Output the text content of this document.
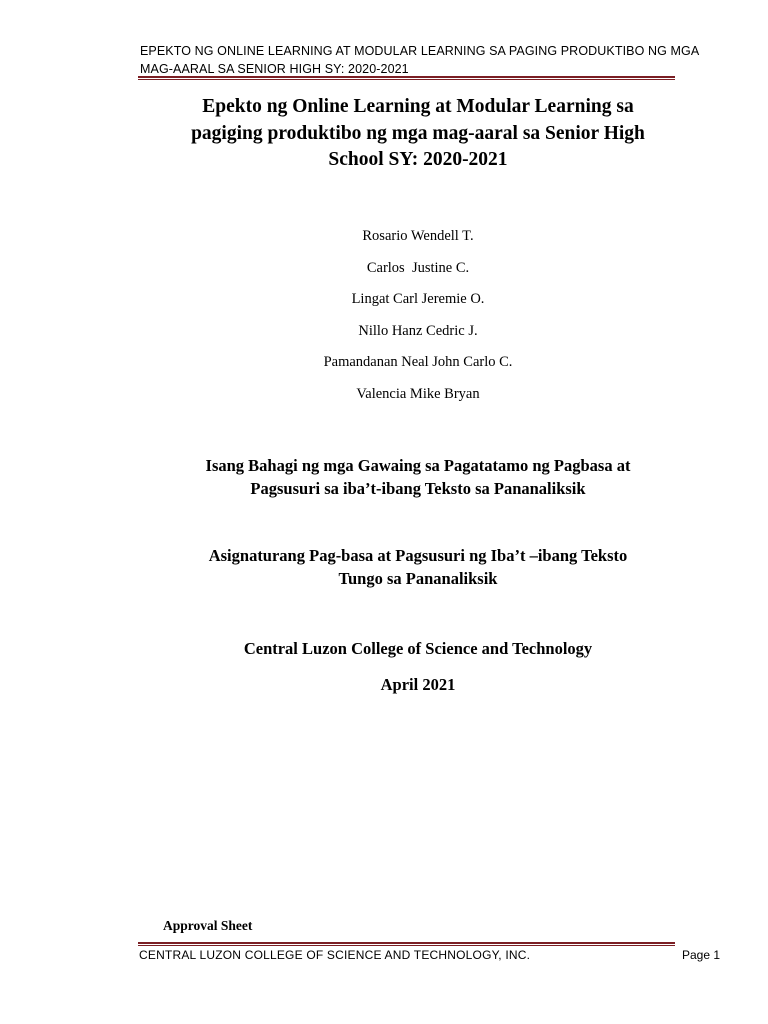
EPEKTO NG ONLINE LEARNING AT MODULAR LEARNING SA PAGING PRODUKTIBO NG MGA
MAG-AARAL SA SENIOR HIGH SY: 2020-2021
Epekto ng Online Learning at Modular Learning sa
pagiging produktibo ng mga mag-aaral sa Senior High
School SY: 2020-2021
Rosario Wendell T.
Carlos  Justine C.
Lingat Carl Jeremie O.
Nillo Hanz Cedric J.
Pamandanan Neal John Carlo C.
Valencia Mike Bryan
Isang Bahagi ng mga Gawaing sa Pagatatamo ng Pagbasa at
Pagsusuri sa iba’t-ibang Teksto sa Pananaliksik
Asignaturang Pag-basa at Pagsusuri ng Iba’t –ibang Teksto
Tungo sa Pananaliksik
Central Luzon College of Science and Technology
April 2021
Approval Sheet
CENTRAL LUZON COLLEGE OF SCIENCE AND TECHNOLOGY, INC.	Page 1
